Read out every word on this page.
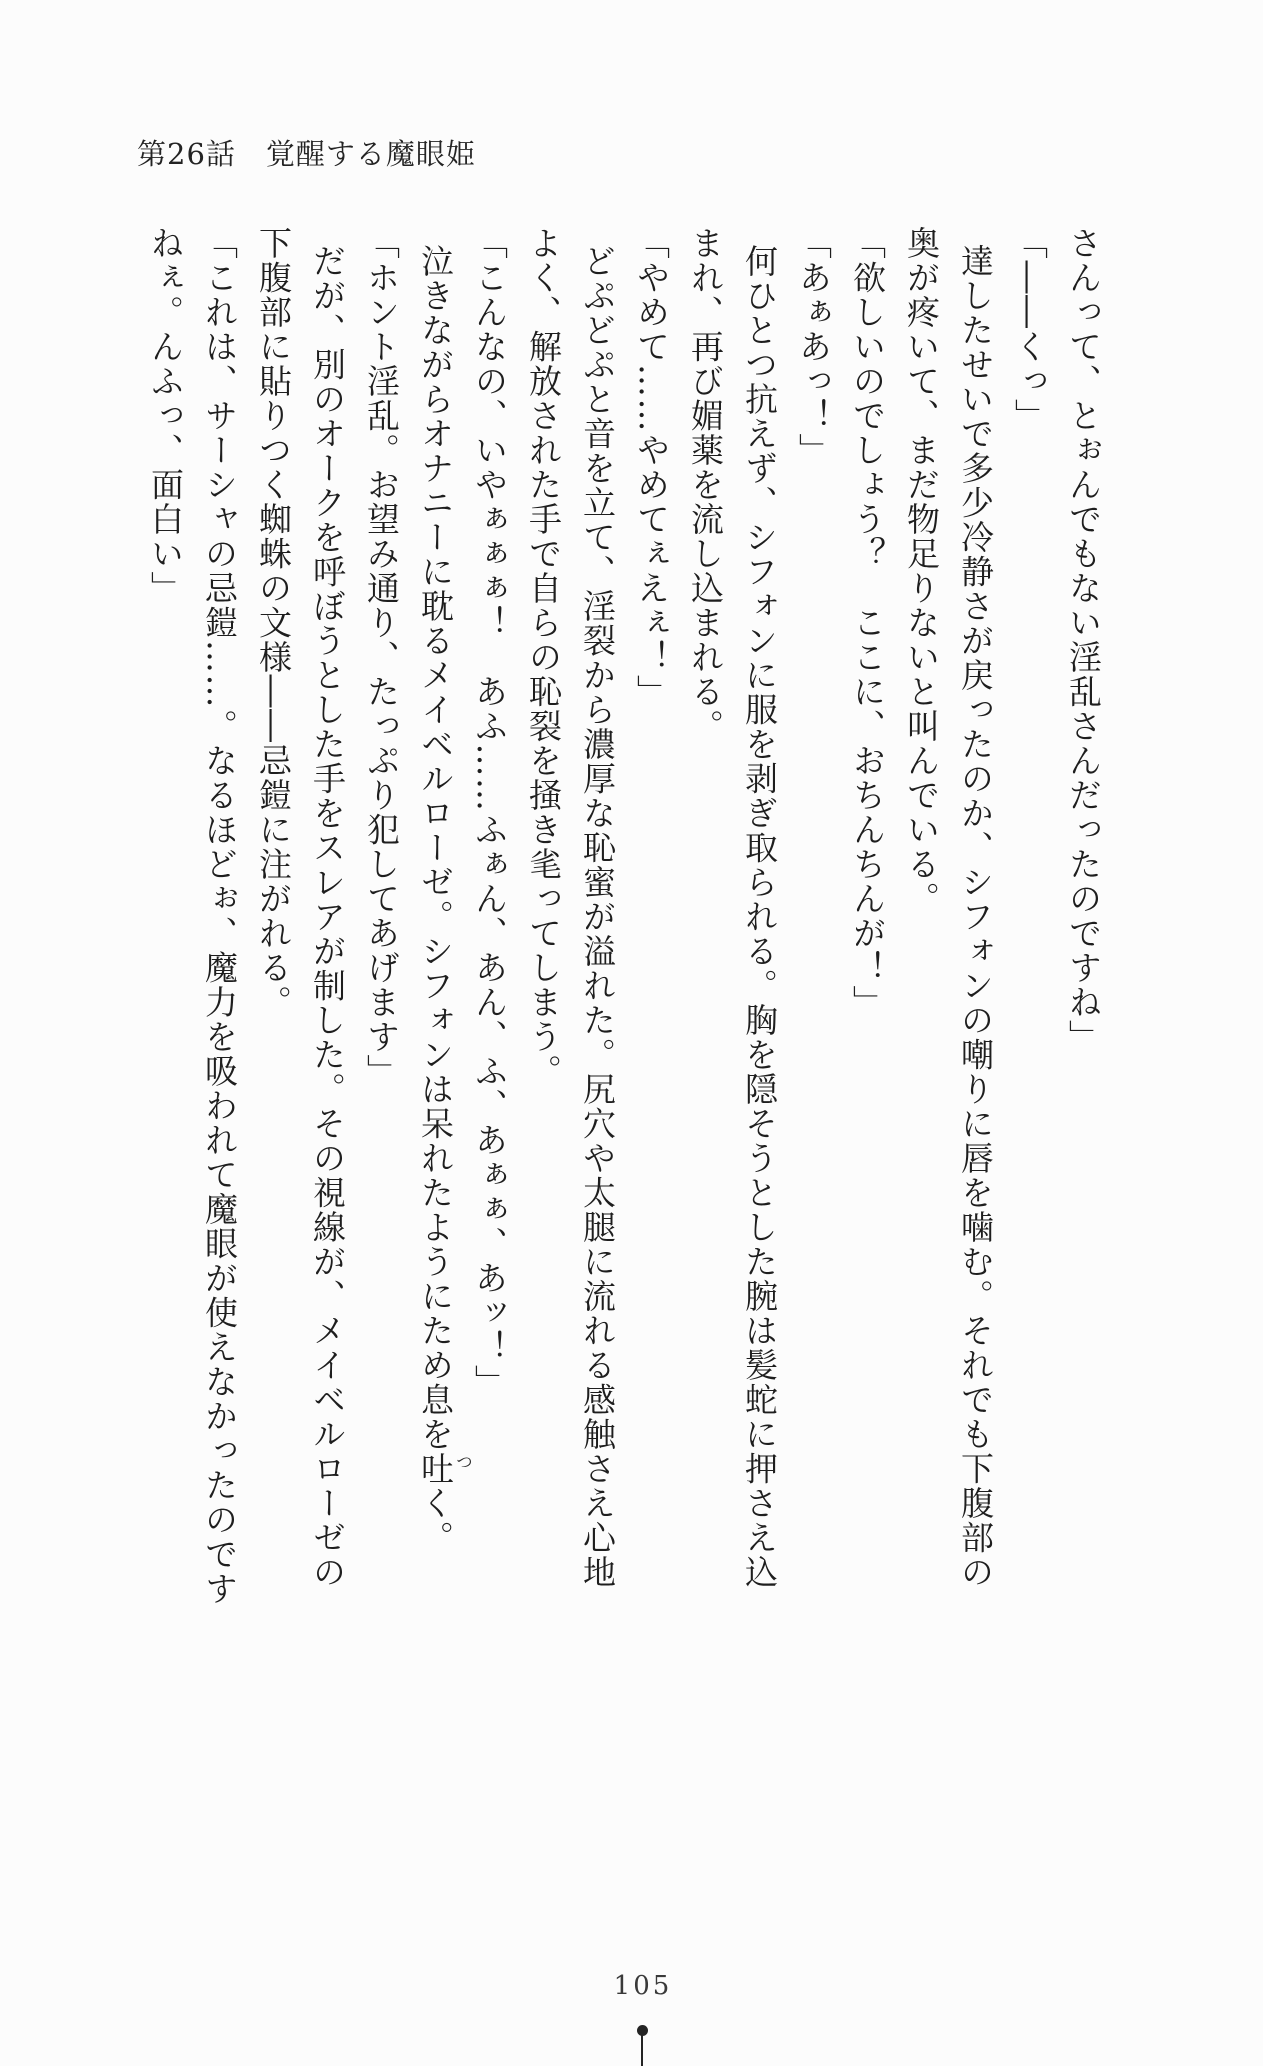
第26話　覚醒する魔眼姫
さんって、とぉんでもない淫乱さんだったのですね」
「――くっ」
達したせいで多少冷静さが戻ったのか、シフォンの嘲りに唇を噛む。それでも下腹部の
奥が疼いて、まだ物足りないと叫んでいる。
「欲しいのでしょう？　ここに、おちんちんが！」
「あぁあっ！」
何ひとつ抗えず、シフォンに服を剥ぎ取られる。胸を隠そうとした腕は髪蛇に押さえ込
まれ、再び媚薬を流し込まれる。
「やめて……やめてぇえぇ！」
どぷどぷと音を立て、淫裂から濃厚な恥蜜が溢れた。尻穴や太腿に流れる感触さえ心地
よく、解放された手で自らの恥裂を掻き毟ってしまう。
「こんなの、いやぁぁぁ！　あふ……ふぁん、あん、ふ、あぁぁ、あッ！」
泣きながらオナニーに耽るメイベルローゼ。シフォンは呆れたようにため息を吐く。
「ホント淫乱。お望み通り、たっぷり犯してあげます」
だが、別のオークを呼ぼうとした手をスレアが制した。その視線が、メイベルローゼの
下腹部に貼りつく蜘蛛の文様――忌鎧に注がれる。
「これは、サーシャの忌鎧……。なるほどぉ、魔力を吸われて魔眼が使えなかったのです
ねぇ。んふっ、面白い」
つ
105
